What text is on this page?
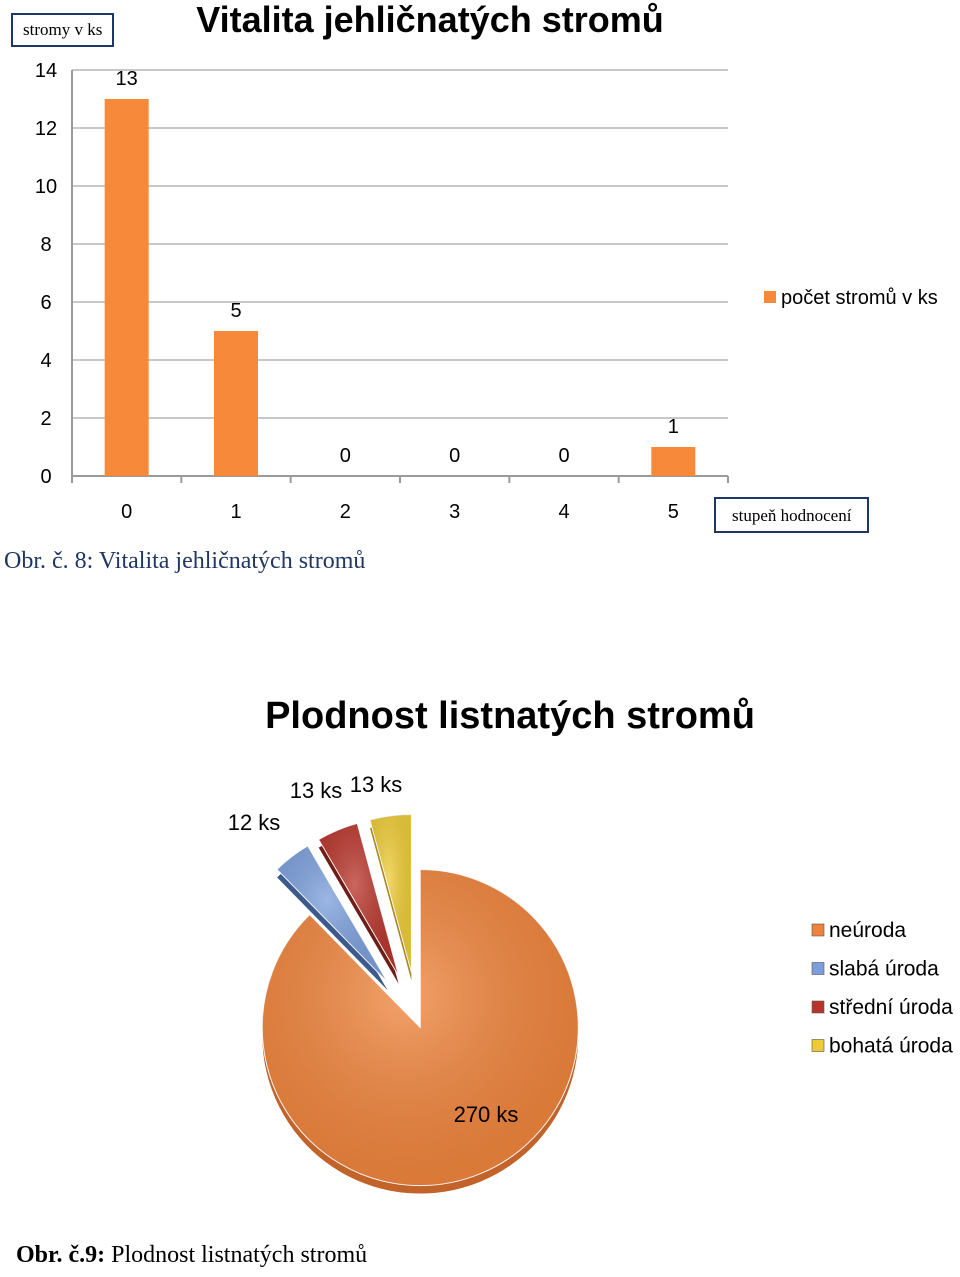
Vitalita jehličnatých stromů
0
2
4
6
8
10
12
14	13
0
5
1
0
2
0
3
0
4
1
5
počet stromů v ks
stromy v ks
stupeň hodnocení
Obr. č. 8: Vitalita jehličnatých stromů
Plodnost listnatých stromů
270 ks
12 ks
13 ks 13 ks
neúroda
slabá úroda
střední úroda
bohatá úroda
Obr. č.9: Plodnost listnatých stromů
